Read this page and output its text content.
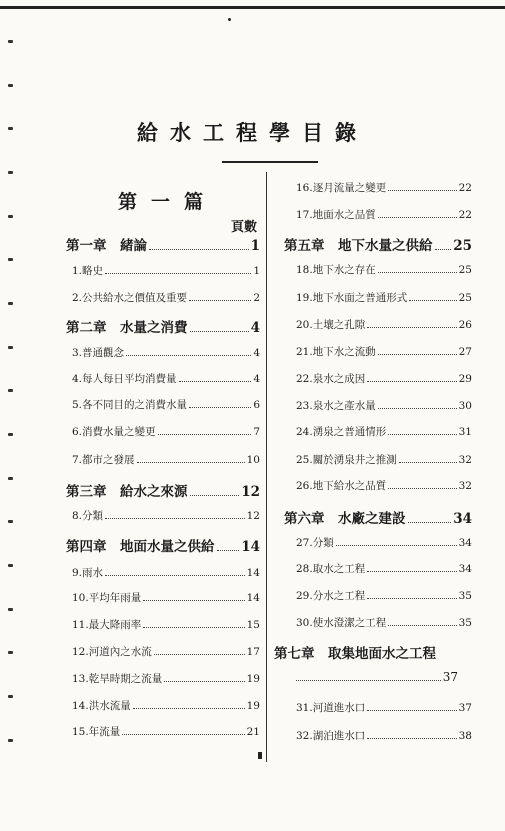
給水工程學目錄
第一篇
頁數
第一章　緒論	1
1.略史	1
2.公共給水之價值及重要	2
第二章　水量之消費	4
3.普通觀念	4
4.每人每日平均消費量	4
5.各不同目的之消費水量	6
6.消費水量之變更	7
7.都市之發展	10
第三章　給水之來源	12
8.分類	12
第四章　地面水量之供給 14
9.雨水	14
10.平均年雨量	14
11.最大降雨率	15
12.河道內之水流	17
13.乾旱時期之流量	19
14.洪水流量	19
15.年流量	21
16.逐月流量之變更	22
17.地面水之品質	22
第五章　地下水量之供給 25
18.地下水之存在	25
19.地下水面之普通形式	25
20.土壤之孔隙	26
21.地下水之流動	27
22.泉水之成因	29
23.泉水之產水量	30
24.湧泉之普通情形	31
25.關於湧泉井之推測	32
26.地下給水之品質	32
第六章　水廠之建設	34
27.分類	34
28.取水之工程	34
29.分水之工程	35
30.使水澄潔之工程	35
第七章　取集地面水之工程
37
31.河道進水口	37
32.湖泊進水口	38
